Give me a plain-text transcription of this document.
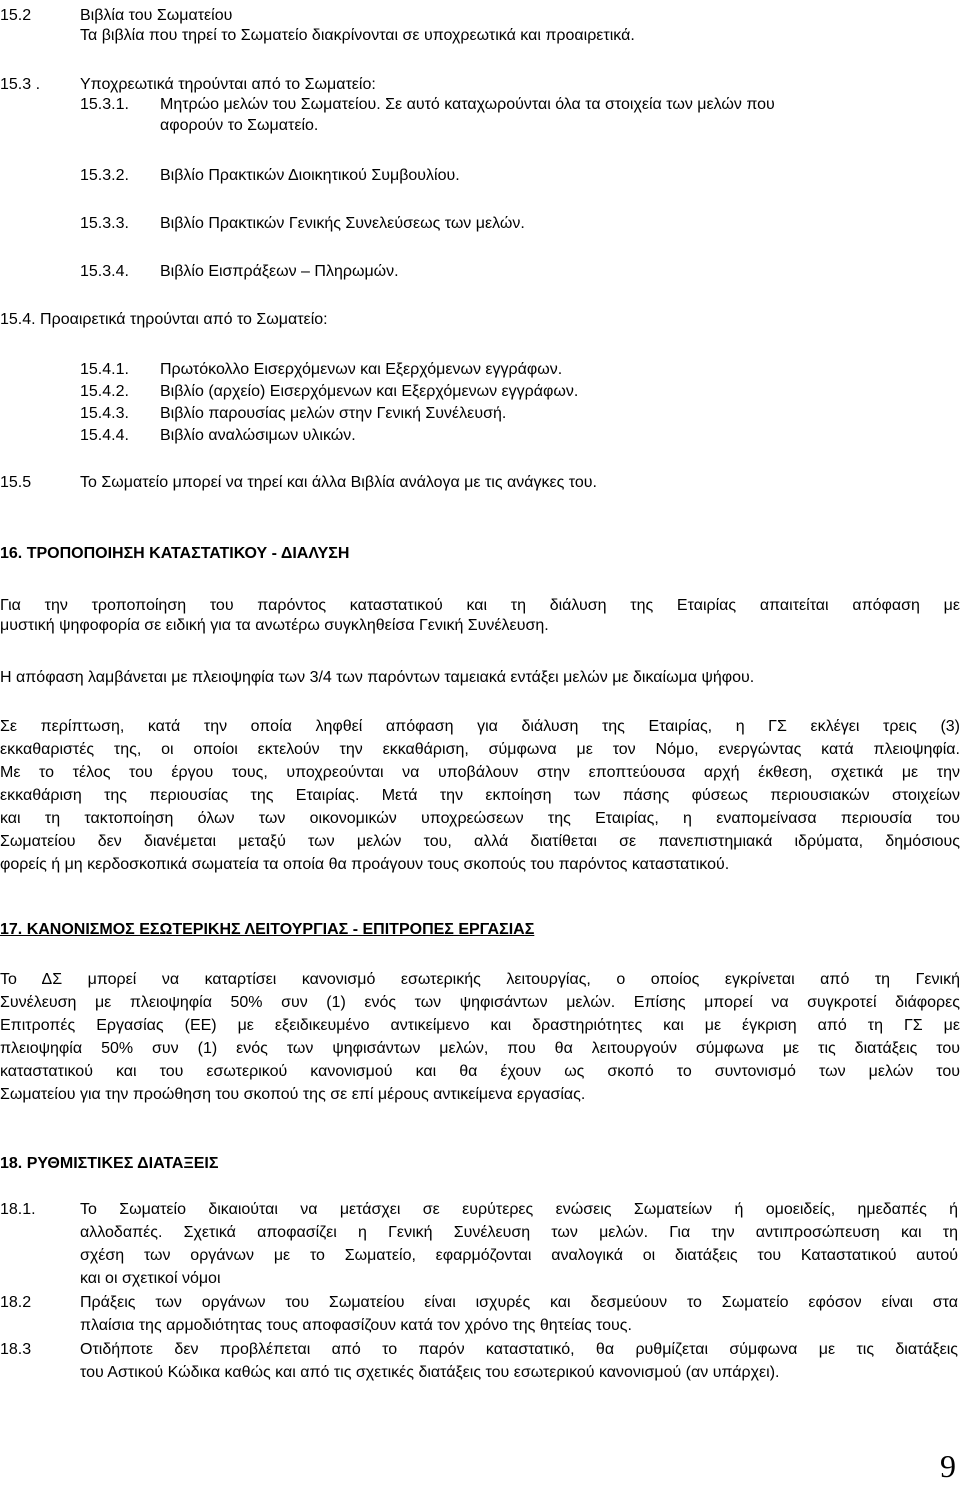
15.2	Βιβλία του Σωματείου
Τα βιβλία που τηρεί το Σωματείο διακρίνονται σε υποχρεωτικά και προαιρετικά.
15.3 . Υποχρεωτικά τηρούνται από το Σωματείο:
15.3.1. Μητρώο μελών του Σωματείου. Σε αυτό καταχωρούνται όλα τα στοιχεία των μελών που
αφορούν το Σωματείο.
15.3.2. Βιβλίο Πρακτικών Διοικητικού Συμβουλίου.
15.3.3. Βιβλίο Πρακτικών Γενικής Συνελεύσεως των μελών.
15.3.4. Βιβλίο Εισπράξεων – Πληρωμών.
15.4. Προαιρετικά τηρούνται από το Σωματείο:
15.4.1. Πρωτόκολλο Εισερχόμενων και Εξερχόμενων εγγράφων.
15.4.2. Βιβλίο (αρχείο) Εισερχόμενων και Εξερχόμενων εγγράφων.
15.4.3. Βιβλίο παρουσίας μελών στην Γενική Συνέλευσή.
15.4.4. Βιβλίο αναλώσιμων υλικών.
15.5	Το Σωματείο μπορεί να τηρεί και άλλα Βιβλία ανάλογα με τις ανάγκες του.
16. ΤΡΟΠΟΠΟΙΗΣΗ ΚΑΤΑΣΤΑΤΙΚΟΥ - ΔΙΑΛΥΣΗ
Για την τροποποίηση του παρόντος καταστατικού και τη διάλυση της Εταιρίας απαιτείται απόφαση με
μυστική ψηφοφορία σε ειδική για τα ανωτέρω συγκληθείσα Γενική Συνέλευση.
Η απόφαση λαμβάνεται με πλειοψηφία των 3/4 των παρόντων ταμειακά εντάξει μελών με δικαίωμα ψήφου.
Σε περίπτωση, κατά την οποία ληφθεί απόφαση για διάλυση της Εταιρίας, η ΓΣ εκλέγει τρεις (3)
εκκαθαριστές της, οι οποίοι εκτελούν την εκκαθάριση, σύμφωνα με τον Νόμο, ενεργώντας κατά πλειοψηφία.
Με το τέλος του έργου τους, υποχρεούνται να υποβάλουν στην εποπτεύουσα αρχή έκθεση, σχετικά με την
εκκαθάριση της περιουσίας της Εταιρίας. Μετά την εκποίηση των πάσης φύσεως περιουσιακών στοιχείων
και τη τακτοποίηση όλων των οικονομικών υποχρεώσεων της Εταιρίας, η εναπομείνασα περιουσία του
Σωματείου δεν διανέμεται μεταξύ των μελών του, αλλά διατίθεται σε πανεπιστημιακά ιδρύματα, δημόσιους
φορείς ή μη κερδοσκοπικά σωματεία τα οποία θα προάγουν τους σκοπούς του παρόντος καταστατικού.
17. ΚΑΝΟΝΙΣΜΟΣ ΕΣΩΤΕΡΙΚΗΣ ΛΕΙΤΟΥΡΓΙΑΣ - ΕΠΙΤΡΟΠΕΣ ΕΡΓΑΣΙΑΣ
Το ΔΣ μπορεί να καταρτίσει κανονισμό εσωτερικής λειτουργίας, ο οποίος εγκρίνεται από τη Γενική
Συνέλευση με πλειοψηφία 50% συν (1) ενός των ψηφισάντων μελών. Επίσης μπορεί να συγκροτεί διάφορες
Επιτροπές Εργασίας (ΕΕ) με εξειδικευμένο αντικείμενο και δραστηριότητες και με έγκριση από τη ΓΣ με
πλειοψηφία 50% συν (1) ενός των ψηφισάντων μελών, που θα λειτουργούν σύμφωνα με τις διατάξεις του
καταστατικού και του εσωτερικού κανονισμού και θα έχουν ως σκοπό το συντονισμό των μελών του
Σωματείου για την προώθηση του σκοπού της σε επί μέρους αντικείμενα εργασίας.
18. ΡΥΘΜΙΣΤΙΚΕΣ ΔΙΑΤΑΞΕΙΣ
18.1.	Το Σωματείο δικαιούται να μετάσχει σε ευρύτερες ενώσεις Σωματείων ή ομοειδείς, ημεδαπές ή
αλλοδαπές. Σχετικά αποφασίζει η Γενική Συνέλευση των μελών. Για την αντιπροσώπευση και τη
σχέση των οργάνων με το Σωματείο, εφαρμόζονται αναλογικά οι διατάξεις του Καταστατικού αυτού
και οι σχετικοί νόμοι
18.2	Πράξεις των οργάνων του Σωματείου είναι ισχυρές και δεσμεύουν το Σωματείο εφόσον είναι στα
πλαίσια της αρμοδιότητας τους αποφασίζουν κατά τον χρόνο της θητείας τους.
18.3	Οτιδήποτε δεν προβλέπεται από το παρόν καταστατικό, θα ρυθμίζεται σύμφωνα με τις διατάξεις
του Αστικού Κώδικα καθώς και από τις σχετικές διατάξεις του εσωτερικού κανονισμού (αν υπάρχει).
9
